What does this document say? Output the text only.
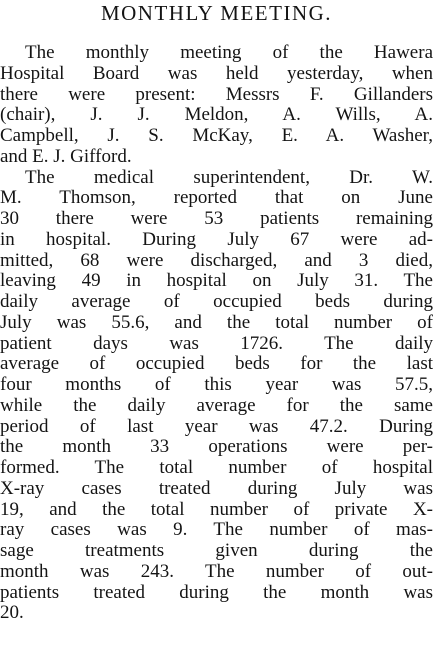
MONTHLY MEETING.
The monthly meeting of the Hawera
Hospital Board was held yesterday, when
there were present: Messrs F. Gillanders
(chair), J. J. Meldon, A. Wills, A.
Campbell, J. S. McKay, E. A. Washer,
and E. J. Gifford.
The medical superintendent, Dr. W.
M. Thomson, reported that on June
30 there were 53 patients remaining
in hospital. During July 67 were ad-
mitted, 68 were discharged, and 3 died,
leaving 49 in hospital on July 31. The
daily average of occupied beds during
July was 55.6, and the total number of
patient days was 1726. The daily
average of occupied beds for the last
four months of this year was 57.5,
while the daily average for the same
period of last year was 47.2. During
the month 33 operations were per-
formed. The total number of hospital
X-ray cases treated during July was
19, and the total number of private X-
ray cases was 9. The number of mas-
sage treatments given during the
month was 243. The number of out-
patients treated during the month was
20.
